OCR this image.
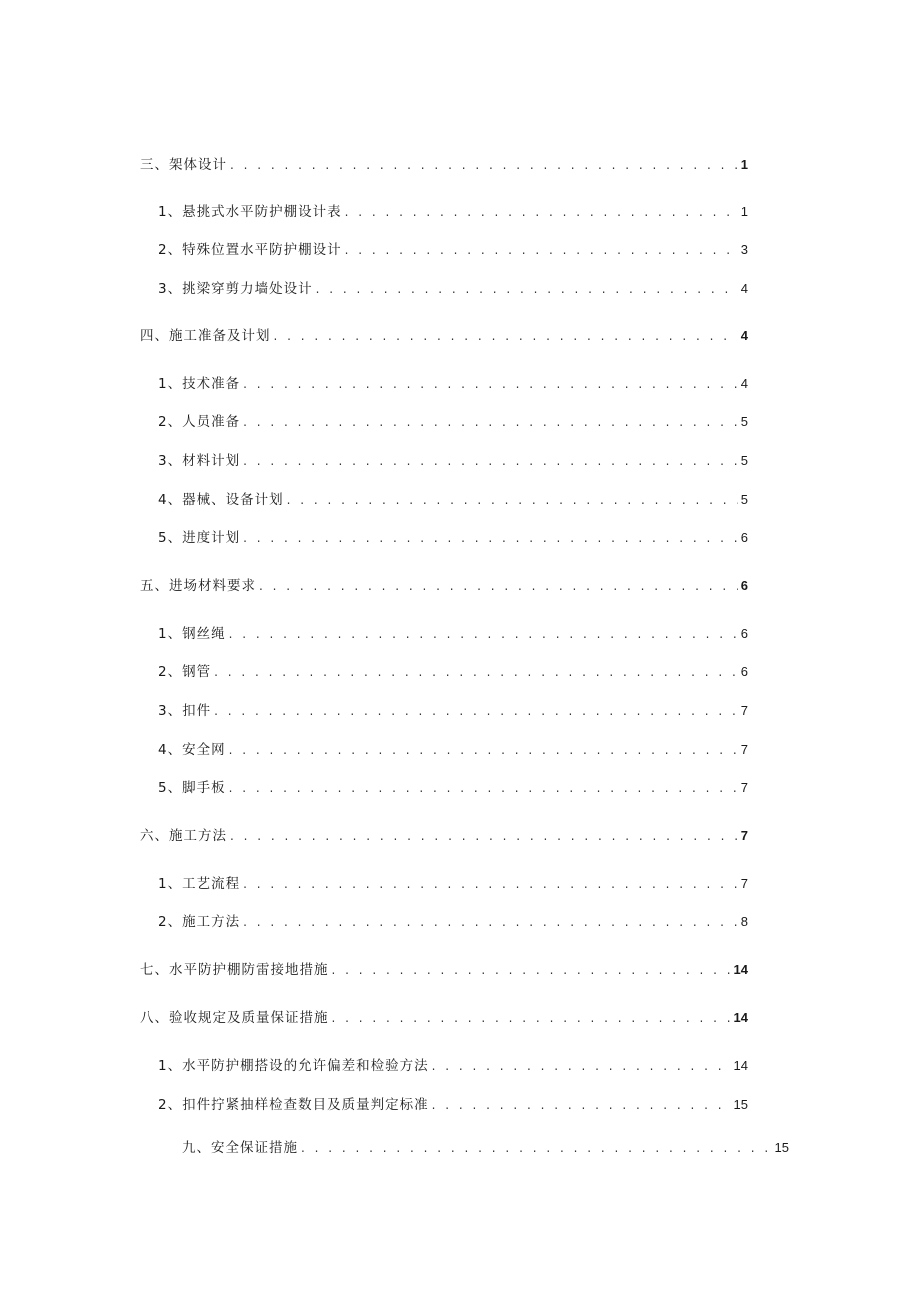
三、架体设计 . . .	1
1、悬挑式水平防护棚设计表 . . .	1
2、特殊位置水平防护棚设计 . . .	3
3、挑梁穿剪力墙处设计 . . .	4
四、施工准备及计划 . . .	4
1、技术准备 . . .	4
2、人员准备 . . .	5
3、材料计划 . . .	5
4、器械、设备计划 . . .	5
5、进度计划 . . .	6
五、进场材料要求 . . .	6
1、钢丝绳 . . .	6
2、钢管 . . .	6
3、扣件 . . .	7
4、安全网 . . .	7
5、脚手板 . . .	7
六、施工方法 . . .	7
1、工艺流程 . . .	7
2、施工方法 . . .	8
七、水平防护棚防雷接地措施 . . .	14
八、验收规定及质量保证措施 . . .	14
1、水平防护棚搭设的允许偏差和检验方法 . . .	14
2、扣件拧紧抽样检查数目及质量判定标准 . . .	15
九、安全保证措施 . . .	15
